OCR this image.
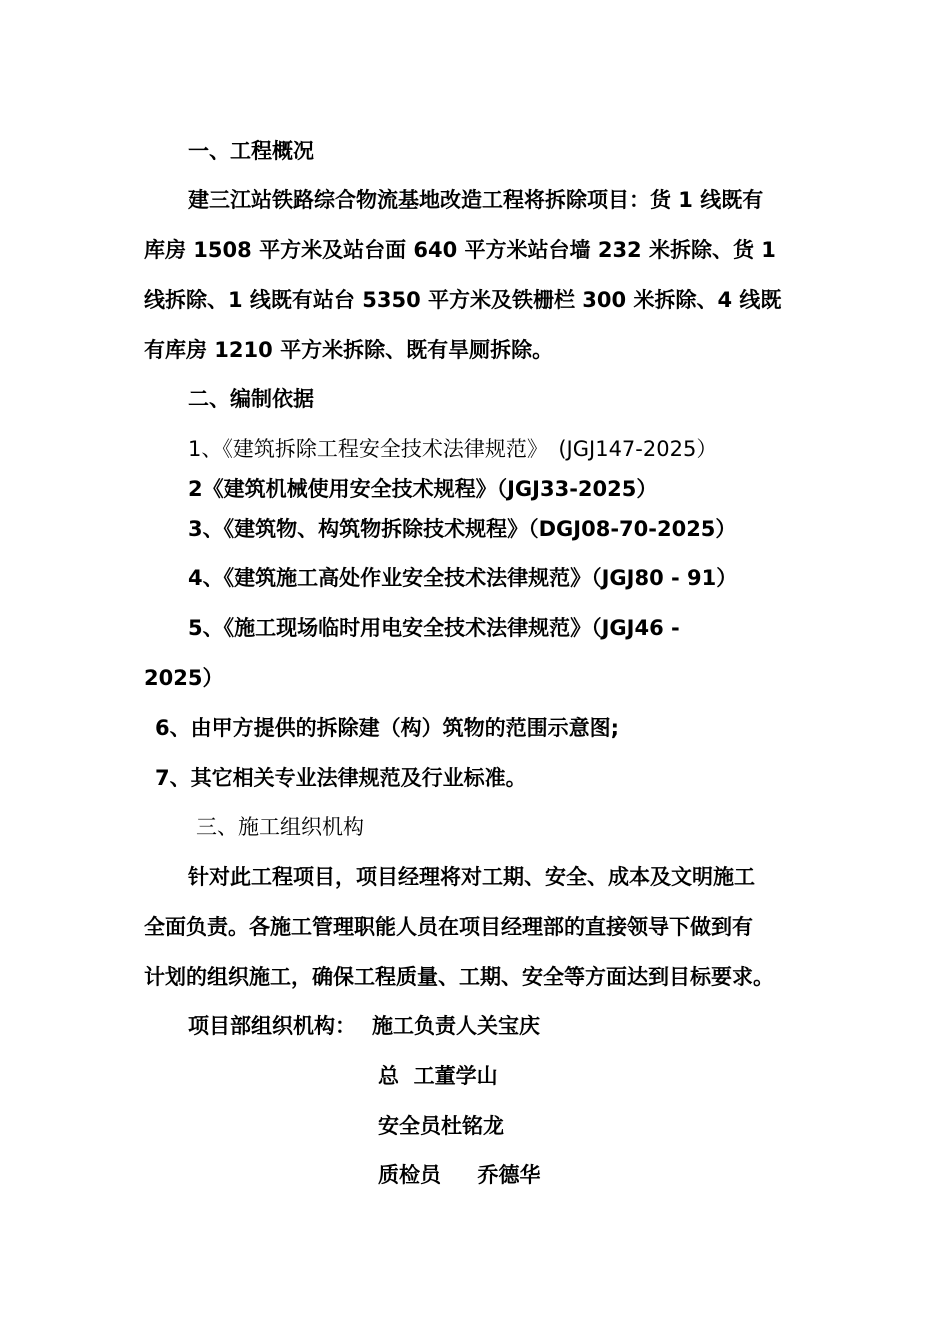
一、工程概况
建三江站铁路综合物流基地改造工程将拆除项目：货 1 线既有
库房 1508 平方米及站台面 640 平方米站台墙 232 米拆除、货 1
线拆除、1 线既有站台 5350 平方米及铁栅栏 300 米拆除、4 线既
有库房 1210 平方米拆除、既有旱厕拆除。
二、编制依据
1、《建筑拆除工程安全技术法律规范》　(JGJ147-2025）
2《建筑机械使用安全技术规程》（JGJ33-2025）
3、《建筑物、构筑物拆除技术规程》（DGJ08-70-2025）
4、《建筑施工高处作业安全技术法律规范》（JGJ80 - 91）
5、《施工现场临时用电安全技术法律规范》（JGJ46 -
2025）
6、由甲方提供的拆除建（构）筑物的范围示意图;
7、其它相关专业法律规范及行业标准。
三、施工组织机构
针对此工程项目，项目经理将对工期、安全、成本及文明施工
全面负责。各施工管理职能人员在项目经理部的直接领导下做到有
计划的组织施工，确保工程质量、工期、安全等方面达到目标要求。
项目部组织机构： 施工负责人关宝庆
总  工董学山
安全员杜铭龙
质检员     乔德华
